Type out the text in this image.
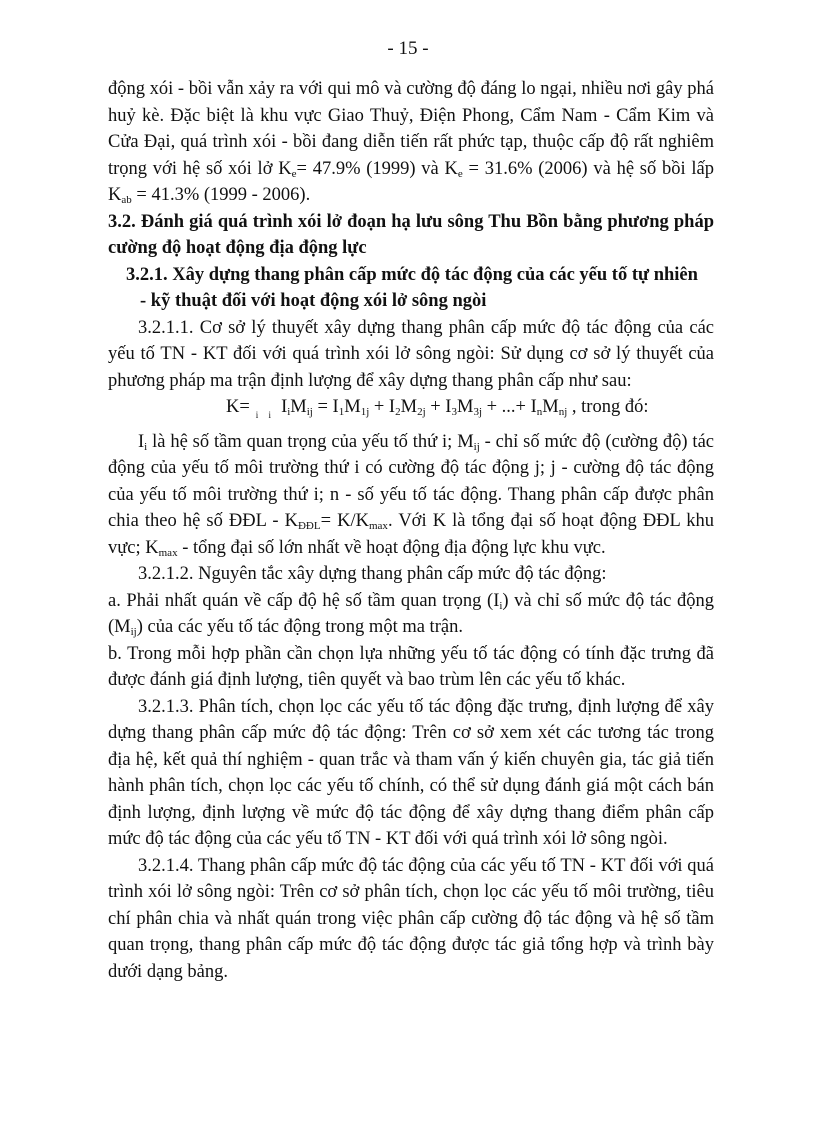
- 15 -

động xói - bồi vẫn xảy ra với qui mô và cường độ đáng lo ngại, nhiều nơi gây phá huỷ kè. Đặc biệt là khu vực Giao Thuỷ, Điện Phong, Cẩm Nam - Cẩm Kim và Cửa Đại, quá trình xói - bồi đang diễn tiến rất phức tạp, thuộc cấp độ rất nghiêm trọng với hệ số xói lở $K_e= 47.9\%$ (1999) và $K_e = 31.6\%$ (2006) và hệ số bồi lấp $K_{ab} = 41.3\%$ (1999 - 2006).

3.2. Đánh giá quá trình xói lở đoạn hạ lưu sông Thu Bồn bằng phương pháp cường độ hoạt động địa động lực

3.2.1. Xây dựng thang phân cấp mức độ tác động của các yếu tố tự nhiên
- kỹ thuật đối với hoạt động xói lở sông ngòi

3.2.1.1. Cơ sở lý thuyết xây dựng thang phân cấp mức độ tác động của các yếu tố TN - KT đối với quá trình xói lở sông ngòi: Sử dụng cơ sở lý thuyết của phương pháp ma trận định lượng để xây dựng thang phân cấp như sau:

K= $_{i i}$ $I_iM_{ij} = I_1M_{1j} + I_2M_{2j} + I_3M_{3j}$ + ...+ $I_nM_{nj}$ , trong đó:

$I_i$ là hệ số tầm quan trọng của yếu tố thứ i; $M_{ij}$ - chỉ số mức độ (cường độ) tác động của yếu tố môi trường thứ i có cường độ tác động j; j - cường độ tác động của yếu tố môi trường thứ i; n - số yếu tố tác động. Thang phân cấp được phân chia theo hệ số ĐĐL - $K_{ĐĐL}= K/K_{max}$. Với K là tổng đại số hoạt động ĐĐL khu vực; $K_{max}$ - tổng đại số lớn nhất về hoạt động địa động lực khu vực.

3.2.1.2. Nguyên tắc xây dựng thang phân cấp mức độ tác động:

a. Phải nhất quán về cấp độ hệ số tầm quan trọng $(I_i)$ và chỉ số mức độ tác động $(M_{ij})$ của các yếu tố tác động trong một ma trận.

b. Trong mỗi hợp phần cần chọn lựa những yếu tố tác động có tính đặc trưng đã được đánh giá định lượng, tiên quyết và bao trùm lên các yếu tố khác.

3.2.1.3. Phân tích, chọn lọc các yếu tố tác động đặc trưng, định lượng để xây dựng thang phân cấp mức độ tác động: Trên cơ sở xem xét các tương tác trong địa hệ, kết quả thí nghiệm - quan trắc và tham vấn ý kiến chuyên gia, tác giả tiến hành phân tích, chọn lọc các yếu tố chính, có thể sử dụng đánh giá một cách bán định lượng, định lượng về mức độ tác động để xây dựng thang điểm phân cấp mức độ tác động của các yếu tố TN - KT đối với quá trình xói lở sông ngòi.

3.2.1.4. Thang phân cấp mức độ tác động của các yếu tố TN - KT đối với quá trình xói lở sông ngòi: Trên cơ sở phân tích, chọn lọc các yếu tố môi trường, tiêu chí phân chia và nhất quán trong việc phân cấp cường độ tác động và hệ số tầm quan trọng, thang phân cấp mức độ tác động được tác giả tổng hợp và trình bày dưới dạng bảng.
